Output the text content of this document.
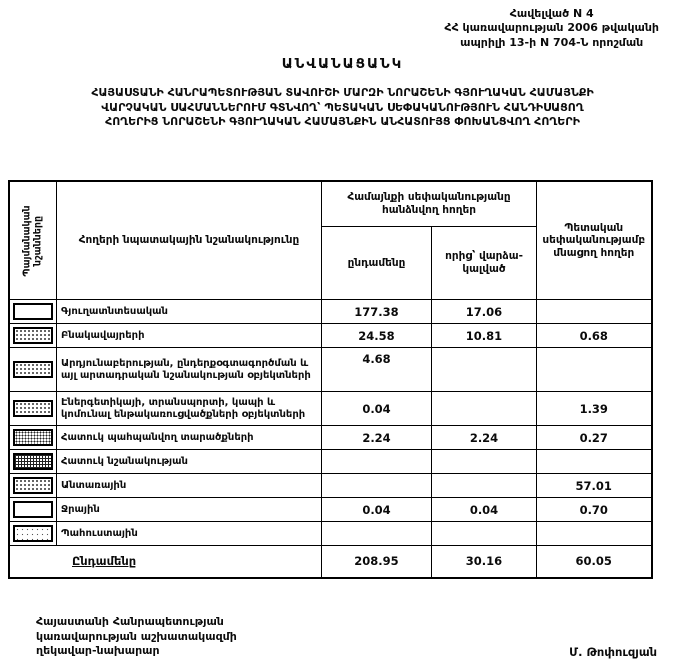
Հավելված N 4
ՀՀ կառավարության 2006 թվականի
ապրիլի 13-ի N 704-Ն որոշման
ԱՆՎԱՆԱՑԱՆԿ
ՀԱՅԱՍՏԱՆԻ ՀԱՆՐԱՊԵՏՈՒԹՅԱՆ ՏԱՎՈՒՇԻ ՄԱՐԶԻ ՆՈՐԱՇԵՆԻ ԳՅՈՒՂԱԿԱՆ ՀԱՄԱՅՆՔԻ
ՎԱՐՉԱԿԱՆ ՍԱՀՄԱՆՆԵՐՈՒՄ ԳՏՆՎՈՂ՝ ՊԵՏԱԿԱՆ ՍԵՓԱԿԱՆՈՒԹՅՈՒՆ ՀԱՆԴԻՍԱՑՈՂ
ՀՈՂԵՐԻՑ ՆՈՐԱՇԵՆԻ ԳՅՈՒՂԱԿԱՆ ՀԱՄԱՅՆՔԻՆ ԱՆՀԱՏՈՒՅՑ ՓՈԽԱՆՑՎՈՂ ՀՈՂԵՐԻ
Պայմանական նշանները	Հողերի նպատակային նշանակությունը	Համայնքի սեփականությանը հանձնվող հողեր		Պետական սեփականությամբ մնացող հողեր
		ընդամենը	որից՝ վարձակալված	

	Գյուղատնտեսական	177.38	17.06	

	Բնակավայրերի	24.58	10.81	0.68

	Արդյունաբերության, ընդերքօգտագործման և այլ արտադրական նշանակության օբյեկտների	4.68		

	Էներգետիկայի, տրանսպորտի, կապի և կոմունալ ենթակառուցվածքների օբյեկտների	0.04		1.39

	Հատուկ պահպանվող տարածքների	2.24	2.24	0.27

	Հատուկ նշանակության			

	Անտառային			57.01

	Ջրային	0.04	0.04	0.70

	Պահուստային			
Ընդամենը		208.95	30.16	60.05
Հայաստանի Հանրապետության
կառավարության աշխատակազմի
ղեկավար-նախարար	Մ. Թոփուզյան
